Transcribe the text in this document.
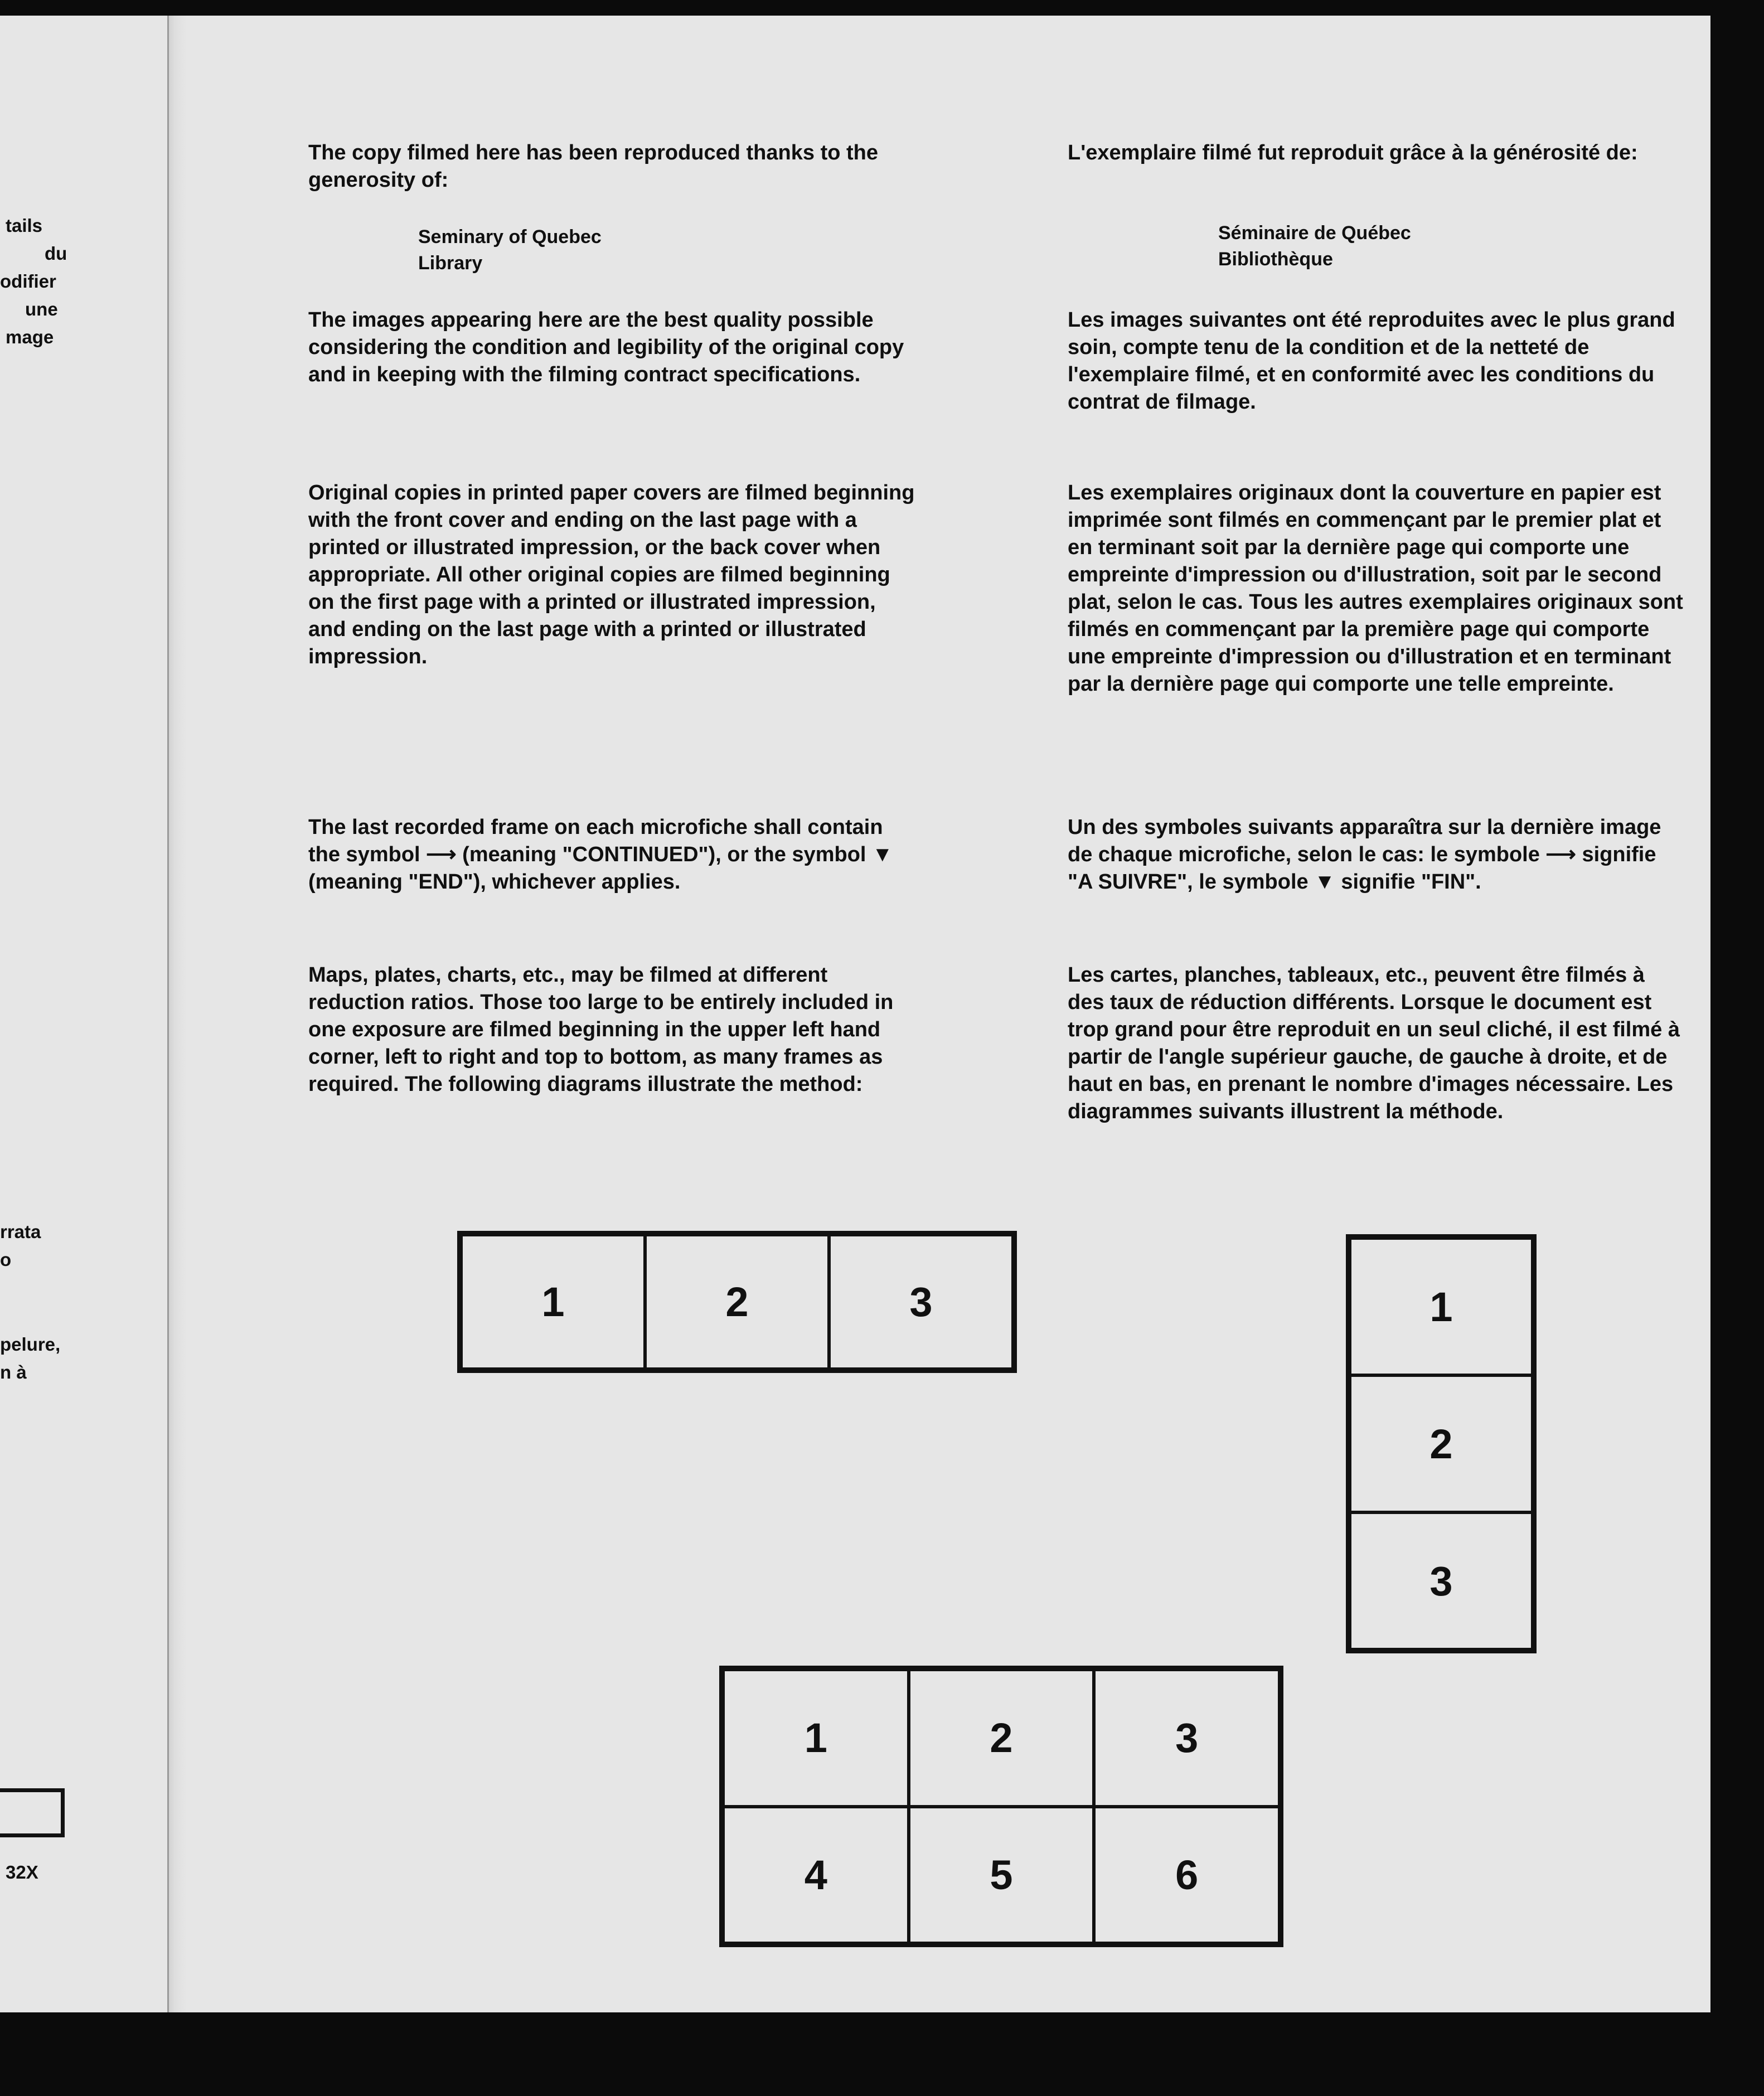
tails
du
odifier
une
mage
rrata
o
pelure,
n à
32X
The copy filmed here has been reproduced thanks to the generosity of:
Seminary of Quebec
Library
The images appearing here are the best quality possible considering the condition and legibility of the original copy and in keeping with the filming contract specifications.
Original copies in printed paper covers are filmed beginning with the front cover and ending on the last page with a printed or illustrated impression, or the back cover when appropriate. All other original copies are filmed beginning on the first page with a printed or illustrated impression, and ending on the last page with a printed or illustrated impression.
The last recorded frame on each microfiche shall contain the symbol ⟶ (meaning "CONTINUED"), or the symbol ▼ (meaning "END"), whichever applies.
Maps, plates, charts, etc., may be filmed at different reduction ratios. Those too large to be entirely included in one exposure are filmed beginning in the upper left hand corner, left to right and top to bottom, as many frames as required. The following diagrams illustrate the method:
L'exemplaire filmé fut reproduit grâce à la générosité de:
Séminaire de Québec
Bibliothèque
Les images suivantes ont été reproduites avec le plus grand soin, compte tenu de la condition et de la netteté de l'exemplaire filmé, et en conformité avec les conditions du contrat de filmage.
Les exemplaires originaux dont la couverture en papier est imprimée sont filmés en commençant par le premier plat et en terminant soit par la dernière page qui comporte une empreinte d'impression ou d'illustration, soit par le second plat, selon le cas. Tous les autres exemplaires originaux sont filmés en commençant par la première page qui comporte une empreinte d'impression ou d'illustration et en terminant par la dernière page qui comporte une telle empreinte.
Un des symboles suivants apparaîtra sur la dernière image de chaque microfiche, selon le cas: le symbole ⟶ signifie "A SUIVRE", le symbole ▼ signifie "FIN".
Les cartes, planches, tableaux, etc., peuvent être filmés à des taux de réduction différents. Lorsque le document est trop grand pour être reproduit en un seul cliché, il est filmé à partir de l'angle supérieur gauche, de gauche à droite, et de haut en bas, en prenant le nombre d'images nécessaire. Les diagrammes suivants illustrent la méthode.
1	2	3	1
2
3
1	2	3
4	5	6
